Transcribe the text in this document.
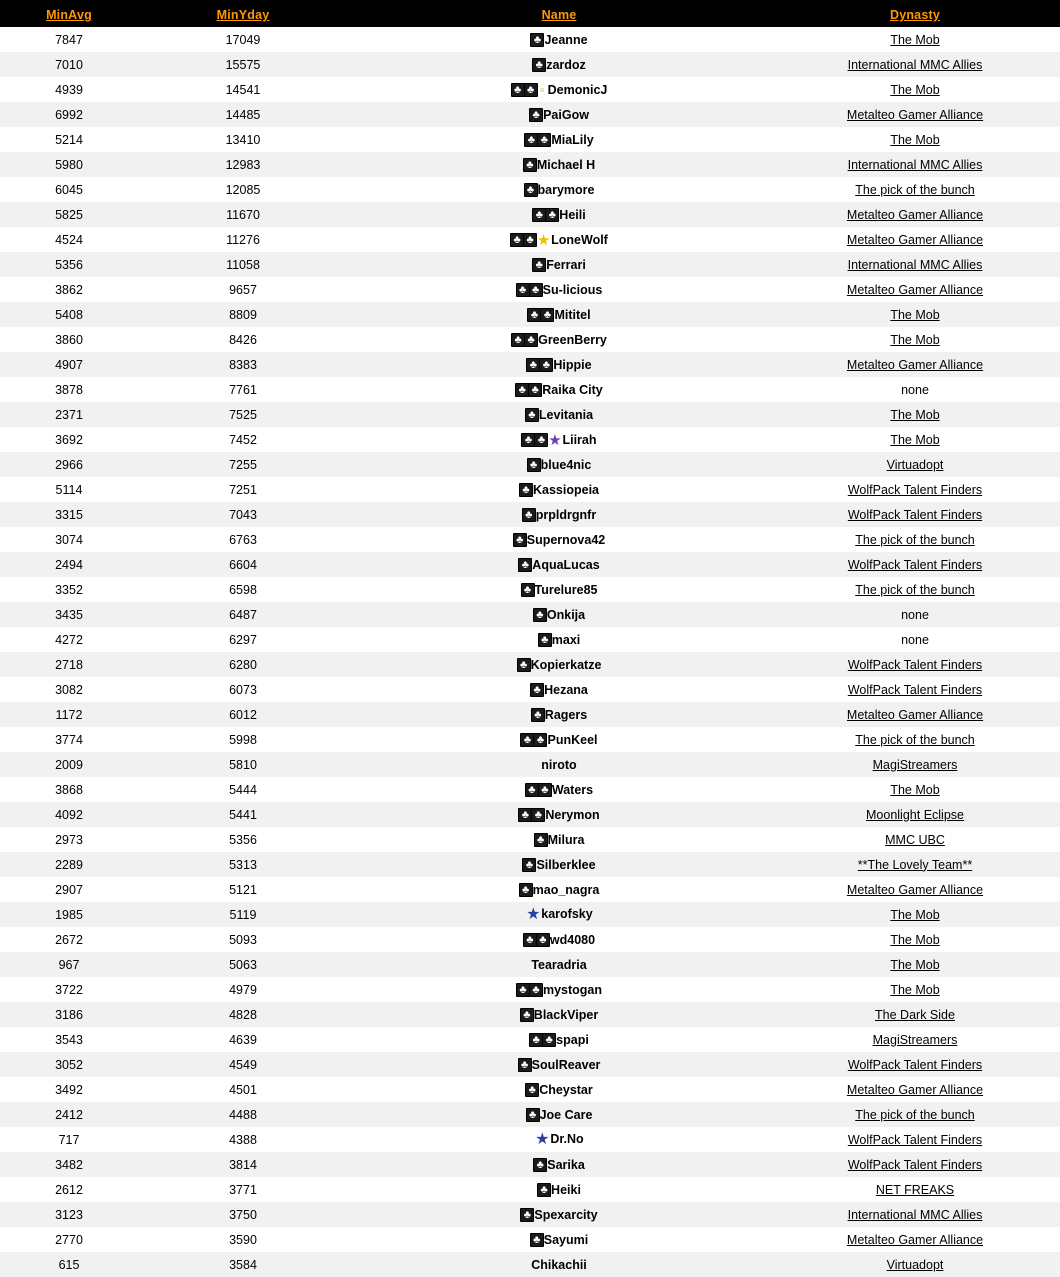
MinAvg	MinYday	Name	Dynasty
7847	17049	♣ Jeanne	The Mob
7010	15575	♣ zardoz	International MMC Allies
4939	14541	♣ ♣ ⸚ DemonicJ	The Mob
6992	14485	♣ PaiGow	Metalteo Gamer Alliance
5214	13410	♣ ♣ MiaLily	The Mob
5980	12983	♣ Michael H	International MMC Allies
6045	12085	♣ barymore	The pick of the bunch
5825	11670	♣ ♣ Heili	Metalteo Gamer Alliance
4524	11276	♣ ♣ ★ LoneWolf	Metalteo Gamer Alliance
5356	11058	♣ Ferrari	International MMC Allies
3862	9657	♣ ♣ Su-licious	Metalteo Gamer Alliance
5408	8809	♣ ♣ Mititel	The Mob
3860	8426	♣ ♣ GreenBerry	The Mob
4907	8383	♣ ♣ Hippie	Metalteo Gamer Alliance
3878	7761	♣ ♣ Raika City	none
2371	7525	♣ Levitania	The Mob
3692	7452	♣ ♣ ★ Liirah	The Mob
2966	7255	♣ blue4nic	Virtuadopt
5114	7251	♣ Kassiopeia	WolfPack Talent Finders
3315	7043	♣ prpldrgnfr	WolfPack Talent Finders
3074	6763	♣ Supernova42	The pick of the bunch
2494	6604	♣ AquaLucas	WolfPack Talent Finders
3352	6598	♣ Turelure85	The pick of the bunch
3435	6487	♣ Onkija	none
4272	6297	♣ maxi	none
2718	6280	♣ Kopierkatze	WolfPack Talent Finders
3082	6073	♣ Hezana	WolfPack Talent Finders
1172	6012	♣ Ragers	Metalteo Gamer Alliance
3774	5998	♣ ♣ PunKeel	The pick of the bunch
2009	5810	niroto	MagiStreamers
3868	5444	♣ ♣ Waters	The Mob
4092	5441	♣ ♣ Nerymon	Moonlight Eclipse
2973	5356	♣ Milura	MMC UBC
2289	5313	♣ Silberklee	**The Lovely Team**
2907	5121	♣ mao_nagra	Metalteo Gamer Alliance
1985	5119	★ karofsky	The Mob
2672	5093	♣ ♣ wd4080	The Mob
967	5063	Tearadria	The Mob
3722	4979	♣ ♣ mystogan	The Mob
3186	4828	♣ BlackViper	The Dark Side
3543	4639	♣ ♣ spapi	MagiStreamers
3052	4549	♣ SoulReaver	WolfPack Talent Finders
3492	4501	♣ Cheystar	Metalteo Gamer Alliance
2412	4488	♣ Joe Care	The pick of the bunch
717	4388	★ Dr.No	WolfPack Talent Finders
3482	3814	♣ Sarika	WolfPack Talent Finders
2612	3771	♣ Heiki	NET FREAKS
3123	3750	♣ Spexarcity	International MMC Allies
2770	3590	♣ Sayumi	Metalteo Gamer Alliance
615	3584	Chikachii	Virtuadopt
